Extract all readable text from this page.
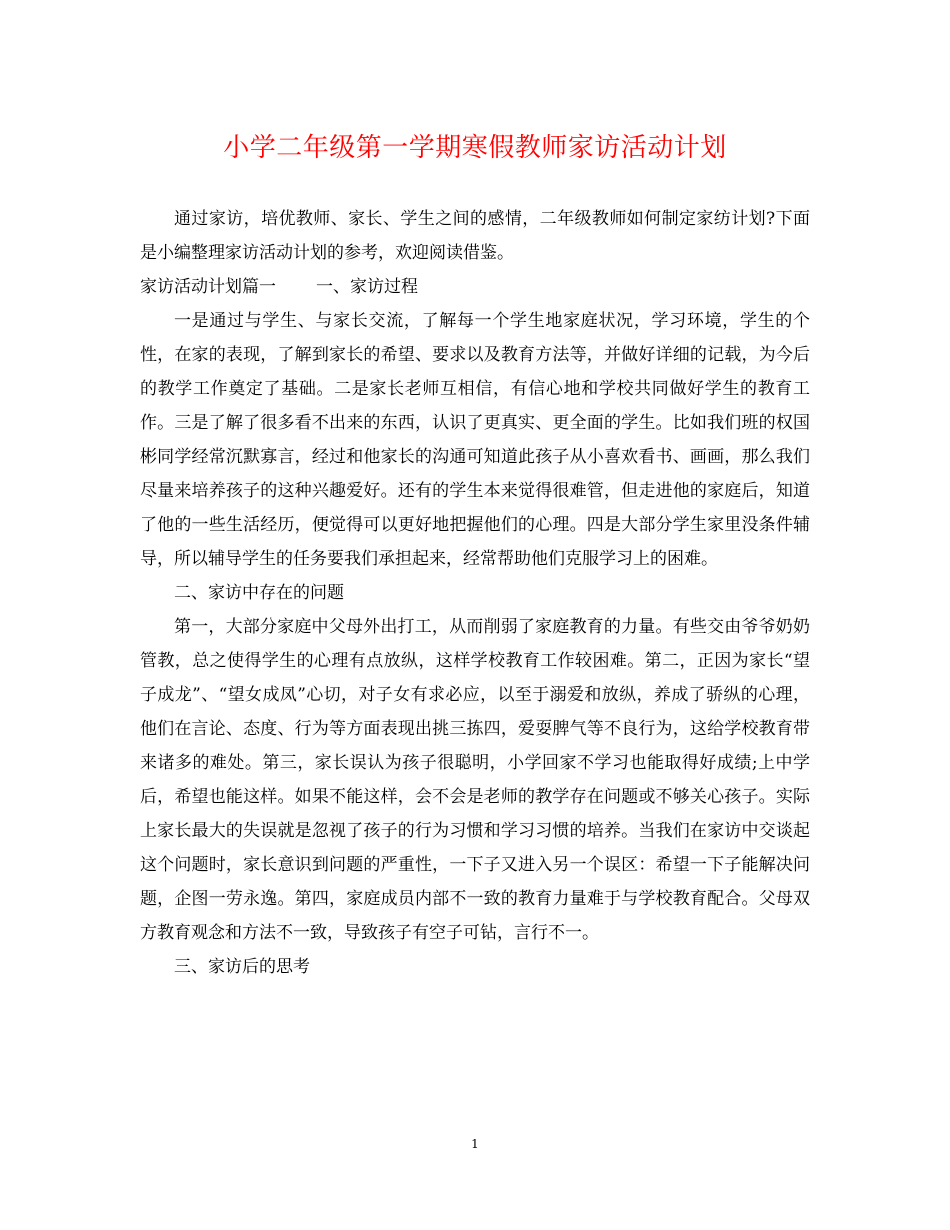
小学二年级第一学期寒假教师家访活动计划

通过家访，培优教师、家长、学生之间的感情，二年级教师如何制定家纺计划?下面是小编整理家访活动计划的参考，欢迎阅读借鉴。

家访活动计划篇一 一、家访过程

一是通过与学生、与家长交流，了解每一个学生地家庭状况，学习环境，学生的个性，在家的表现，了解到家长的希望、要求以及教育方法等，并做好详细的记载，为今后的教学工作奠定了基础。二是家长老师互相信，有信心地和学校共同做好学生的教育工作。三是了解了很多看不出来的东西，认识了更真实、更全面的学生。比如我们班的权国彬同学经常沉默寡言，经过和他家长的沟通可知道此孩子从小喜欢看书、画画，那么我们尽量来培养孩子的这种兴趣爱好。还有的学生本来觉得很难管，但走进他的家庭后，知道了他的一些生活经历，便觉得可以更好地把握他们的心理。四是大部分学生家里没条件辅导，所以辅导学生的任务要我们承担起来，经常帮助他们克服学习上的困难。

二、家访中存在的问题

第一，大部分家庭中父母外出打工，从而削弱了家庭教育的力量。有些交由爷爷奶奶管教，总之使得学生的心理有点放纵，这样学校教育工作较困难。第二，正因为家长“望子成龙”、“望女成凤”心切，对子女有求必应，以至于溺爱和放纵，养成了骄纵的心理，他们在言论、态度、行为等方面表现出挑三拣四，爱耍脾气等不良行为，这给学校教育带来诸多的难处。第三，家长误认为孩子很聪明，小学回家不学习也能取得好成绩;上中学后，希望也能这样。如果不能这样，会不会是老师的教学存在问题或不够关心孩子。实际上家长最大的失误就是忽视了孩子的行为习惯和学习习惯的培养。当我们在家访中交谈起这个问题时，家长意识到问题的严重性，一下子又进入另一个误区：希望一下子能解决问题，企图一劳永逸。第四，家庭成员内部不一致的教育力量难于与学校教育配合。父母双方教育观念和方法不一致，导致孩子有空子可钻，言行不一。

三、家访后的思考

1
